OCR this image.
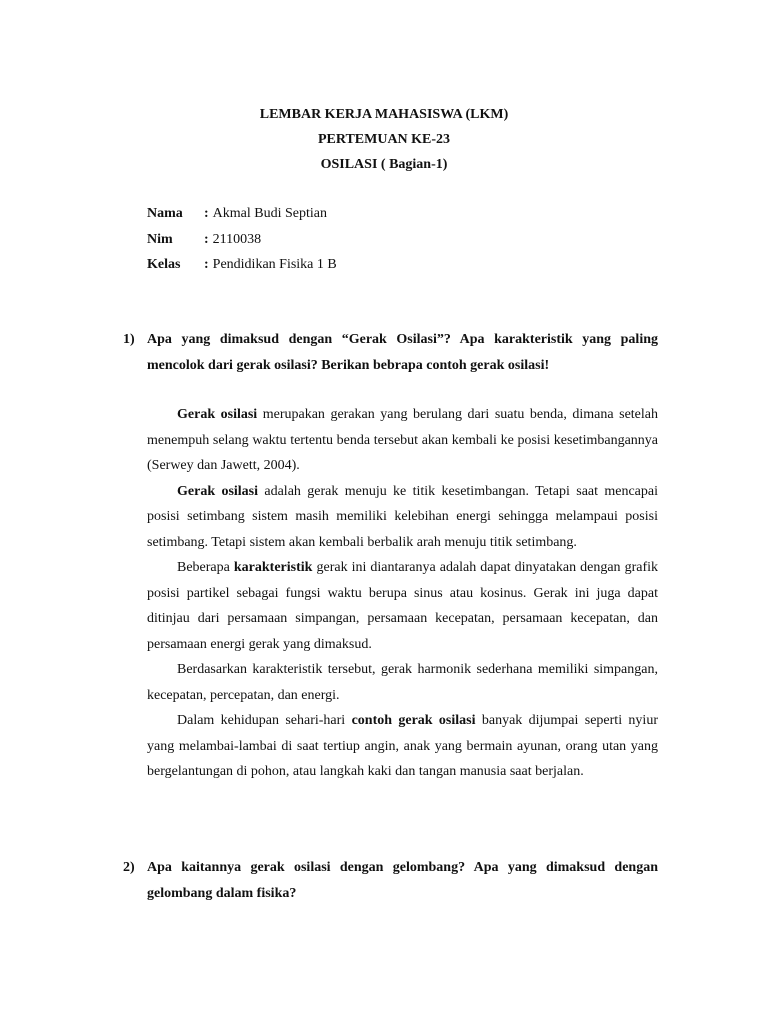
LEMBAR KERJA MAHASISWA (LKM)
PERTEMUAN KE-23
OSILASI ( Bagian-1)
Nama	: Akmal Budi Septian
Nim	: 2110038
Kelas	: Pendidikan Fisika 1 B
1) Apa yang dimaksud dengan “Gerak Osilasi”? Apa karakteristik yang paling mencolok dari gerak osilasi? Berikan bebrapa contoh gerak osilasi!

Gerak osilasi merupakan gerakan yang berulang dari suatu benda, dimana setelah menempuh selang waktu tertentu benda tersebut akan kembali ke posisi kesetimbangannya (Serwey dan Jawett, 2004).

Gerak osilasi adalah gerak menuju ke titik kesetimbangan. Tetapi saat mencapai posisi setimbang sistem masih memiliki kelebihan energi sehingga melampaui posisi setimbang. Tetapi sistem akan kembali berbalik arah menuju titik setimbang.

Beberapa karakteristik gerak ini diantaranya adalah dapat dinyatakan dengan grafik posisi partikel sebagai fungsi waktu berupa sinus atau kosinus. Gerak ini juga dapat ditinjau dari persamaan simpangan, persamaan kecepatan, persamaan kecepatan, dan persamaan energi gerak yang dimaksud.

Berdasarkan karakteristik tersebut, gerak harmonik sederhana memiliki simpangan, kecepatan, percepatan, dan energi.

Dalam kehidupan sehari-hari contoh gerak osilasi banyak dijumpai seperti nyiur yang melambai-lambai di saat tertiup angin, anak yang bermain ayunan, orang utan yang bergelantungan di pohon, atau langkah kaki dan tangan manusia saat berjalan.

2) Apa kaitannya gerak osilasi dengan gelombang? Apa yang dimaksud dengan gelombang dalam fisika?
